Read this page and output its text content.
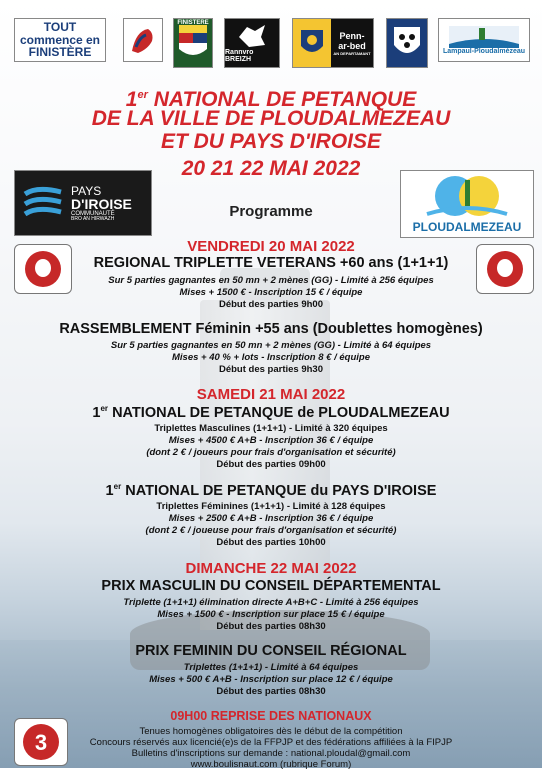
TOUT commence en FINISTÈRE
FINISTERE
Rannvro BREIZH
Penn-ar-bed
AN DEPARTAMANT	Lampaul-Ploudalmézeau
1er NATIONAL DE PETANQUE
DE LA VILLE DE PLOUDALMEZEAU
ET DU PAYS D'IROISE
20 21 22 MAI 2022
PAYS
D'IROISE
COMMUNAUTÉ
BRO AN HIRWAZH
PLOUDALMEZEAU
Programme
VENDREDI 20 MAI 2022
REGIONAL TRIPLETTE VETERANS +60 ans (1+1+1)
Sur 5 parties gagnantes en 50 mn + 2 mènes (GG) - Limité à 256 équipes
Mises + 1500 € - Inscription 15 € / équipe
Début des parties 9h00
RASSEMBLEMENT Féminin +55 ans (Doublettes homogènes)
Sur 5 parties gagnantes en 50 mn + 2 mènes (GG) - Limité à 64 équipes
Mises + 40 % + lots - Inscription 8 € / équipe
Début des parties 9h30
SAMEDI 21 MAI 2022
1er NATIONAL DE PETANQUE de PLOUDALMEZEAU
Triplettes Masculines (1+1+1) - Limité à 320 équipes
Mises + 4500 € A+B - Inscription 36 € / équipe
(dont 2 € / joueurs pour frais d'organisation et sécurité)
Début des parties 09h00
1er NATIONAL DE PETANQUE du PAYS D'IROISE
Triplettes Féminines (1+1+1) - Limité à 128 équipes
Mises + 2500 € A+B - Inscription 36 € / équipe
(dont 2 € / joueuse pour frais d'organisation et sécurité)
Début des parties 10h00
DIMANCHE 22 MAI 2022
PRIX MASCULIN DU CONSEIL DÉPARTEMENTAL
Triplette (1+1+1) élimination directe A+B+C - Limité à 256 équipes
Mises + 1500 € - Inscription sur place 15 € / équipe
Début des parties 08h30
PRIX FEMININ DU CONSEIL RÉGIONAL
Triplettes (1+1+1) - Limité à 64 équipes
Mises + 500 € A+B - Inscription sur place 12 € / équipe
Début des parties 08h30
09H00 REPRISE DES NATIONAUX
Tenues homogènes obligatoires dès le début de la compétition
Concours réservés aux licencié(e)s de la FFPJP et des fédérations affiliées à la FIPJP
Bulletins d'inscriptions sur demande : national.ploudal@gmail.com
www.boulisnaut.com (rubrique Forum)
3
